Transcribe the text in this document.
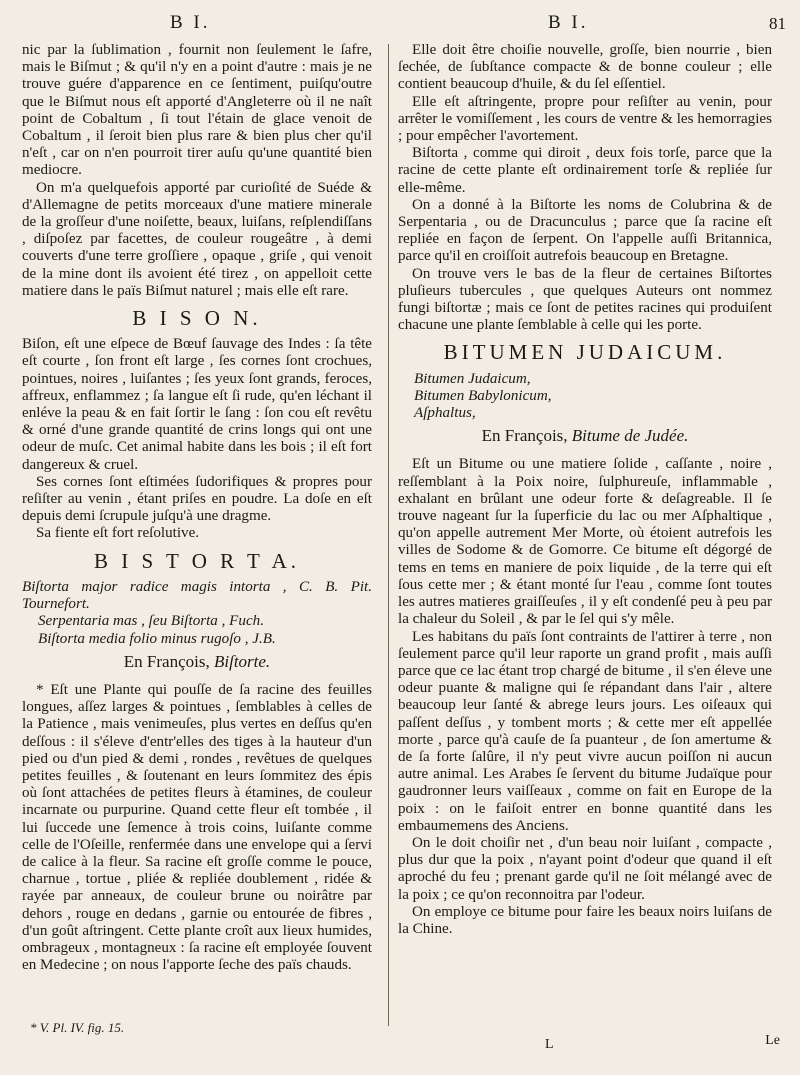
B I.	B I.	81

nic par la ſublimation , fournit non ſeulement le ſafre, mais le Biſmut ; & qu'il n'y en a point d'autre : mais je ne trouve guére d'apparence en ce ſentiment, puiſqu'outre que le Biſmut nous eſt apporté d'Angleterre où il ne naît point de Cobaltum , ſi tout l'étain de glace venoit de Cobaltum , il ſeroit bien plus rare & bien plus cher qu'il n'eſt , car on n'en pourroit tirer auſu qu'une quantité bien mediocre.

On m'a quelquefois apporté par curioſité de Suéde & d'Allemagne de petits morceaux d'une matiere minerale de la groſſeur d'une noiſette, beaux, luiſans, reſplendiſſans , diſpoſez par facettes, de couleur rougeâtre , à demi couverts d'une terre groſſiere , opaque , griſe , qui venoit de la mine dont ils avoient été tirez , on appelloit cette matiere dans le païs Biſmut naturel ; mais elle eſt rare.

B I S O N.

Biſon, eſt une eſpece de Bœuf ſauvage des Indes : ſa tête eſt courte , ſon front eſt large , ſes cornes ſont crochues, pointues, noires , luiſantes ; ſes yeux ſont grands, feroces, affreux, enflammez ; ſa langue eſt ſi rude, qu'en léchant il enléve la peau & en fait ſortir le ſang : ſon cou eſt revêtu & orné d'une grande quantité de crins longs qui ont une odeur de muſc. Cet animal habite dans les bois ; il eſt fort dangereux & cruel.

Ses cornes ſont eſtimées ſudorifiques & propres pour reſiſter au venin , étant priſes en poudre. La doſe en eſt depuis demi ſcrupule juſqu'à une dragme.

Sa fiente eſt fort reſolutive.

B I S T O R T A.

Biſtorta major radice magis intorta , C. B. Pit. Tournefort.

Serpentaria mas , ſeu Biſtorta , Fuch.

Biſtorta media folio minus rugoſo , J.B.

En François, Biſtorte.

* Eſt une Plante qui pouſſe de ſa racine des feuilles longues, aſſez larges & pointues , ſemblables à celles de la Patience , mais venimeuſes, plus vertes en deſſus qu'en deſſous : il s'éleve d'entr'elles des tiges à la hauteur d'un pied ou d'un pied & demi , rondes , revêtues de quelques petites feuilles , & ſoutenant en leurs ſommitez des épis où ſont attachées de petites fleurs à étamines, de couleur incarnate ou purpurine. Quand cette fleur eſt tombée , il lui ſuccede une ſemence à trois coins, luiſante comme celle de l'Oſeille, renfermée dans une envelope qui a ſervi de calice à la fleur. Sa racine eſt groſſe comme le pouce, charnue , tortue , pliée & repliée doublement , ridée & rayée par anneaux, de couleur brune ou noirâtre par dehors , rouge en dedans , garnie ou entourée de fibres , d'un goût aſtringent. Cette plante croît aux lieux humides, ombrageux , montagneux : ſa racine eſt employée ſouvent en Medecine ; on nous l'apporte ſeche des païs chauds.

Elle doit être choiſie nouvelle, groſſe, bien nourrie , bien ſechée, de ſubſtance compacte & de bonne couleur ; elle contient beaucoup d'huile, & du ſel eſſentiel.

Elle eſt aſtringente, propre pour reſiſter au venin, pour arrêter le vomiſſement , les cours de ventre & les hemorragies ; pour empêcher l'avortement.

Biſtorta , comme qui diroit , deux fois torſe, parce que la racine de cette plante eſt ordinairement torſe & repliée ſur elle-même.

On a donné à la Biſtorte les noms de Colubrina & de Serpentaria , ou de Dracunculus ; parce que ſa racine eſt repliée en façon de ſerpent. On l'appelle auſſi Britannica, parce qu'il en croiſſoit autrefois beaucoup en Bretagne.

On trouve vers le bas de la fleur de certaines Biſtortes pluſieurs tubercules , que quelques Auteurs ont nommez fungi biſtortæ ; mais ce ſont de petites racines qui produiſent chacune une plante ſemblable à celle qui les porte.

BITUMEN JUDAICUM.

Bitumen Judaicum,

Bitumen Babylonicum,

Aſphaltus,

En François, Bitume de Judée.

Eſt un Bitume ou une matiere ſolide , caſſante , noire , reſſemblant à la Poix noire, ſulphureuſe, inflammable , exhalant en brûlant une odeur forte & deſagreable. Il ſe trouve nageant ſur la ſuperficie du lac ou mer Aſphaltique , qu'on appelle autrement Mer Morte, où étoient autrefois les villes de Sodome & de Gomorre. Ce bitume eſt dégorgé de tems en tems en maniere de poix liquide , de la terre qui eſt ſous cette mer ; & étant monté ſur l'eau , comme ſont toutes les autres matieres graiſſeuſes , il y eſt condenſé peu à peu par la chaleur du Soleil , & par le ſel qui s'y mêle.

Les habitans du païs ſont contraints de l'attirer à terre , non ſeulement parce qu'il leur raporte un grand profit , mais auſſi parce que ce lac étant trop chargé de bitume , il s'en éleve une odeur puante & maligne qui ſe répandant dans l'air , altere beaucoup leur ſanté & abrege leurs jours. Les oiſeaux qui paſſent deſſus , y tombent morts ; & cette mer eſt appellée morte , parce qu'à cauſe de ſa puanteur , de ſon amertume & de ſa forte ſalûre, il n'y peut vivre aucun poiſſon ni aucun autre animal. Les Arabes ſe ſervent du bitume Judaïque pour gaudronner leurs vaiſſeaux , comme on fait en Europe de la poix : on le faiſoit entrer en bonne quantité dans les embaumemens des Anciens.

On le doit choiſir net , d'un beau noir luiſant , compacte , plus dur que la poix , n'ayant point d'odeur que quand il eſt aproché du feu ; prenant garde qu'il ne ſoit mélangé avec de la poix ; ce qu'on reconnoitra par l'odeur.

On employe ce bitume pour faire les beaux noirs luiſans de la Chine.

* V. Pl. IV. fig. 15.
L	Le
